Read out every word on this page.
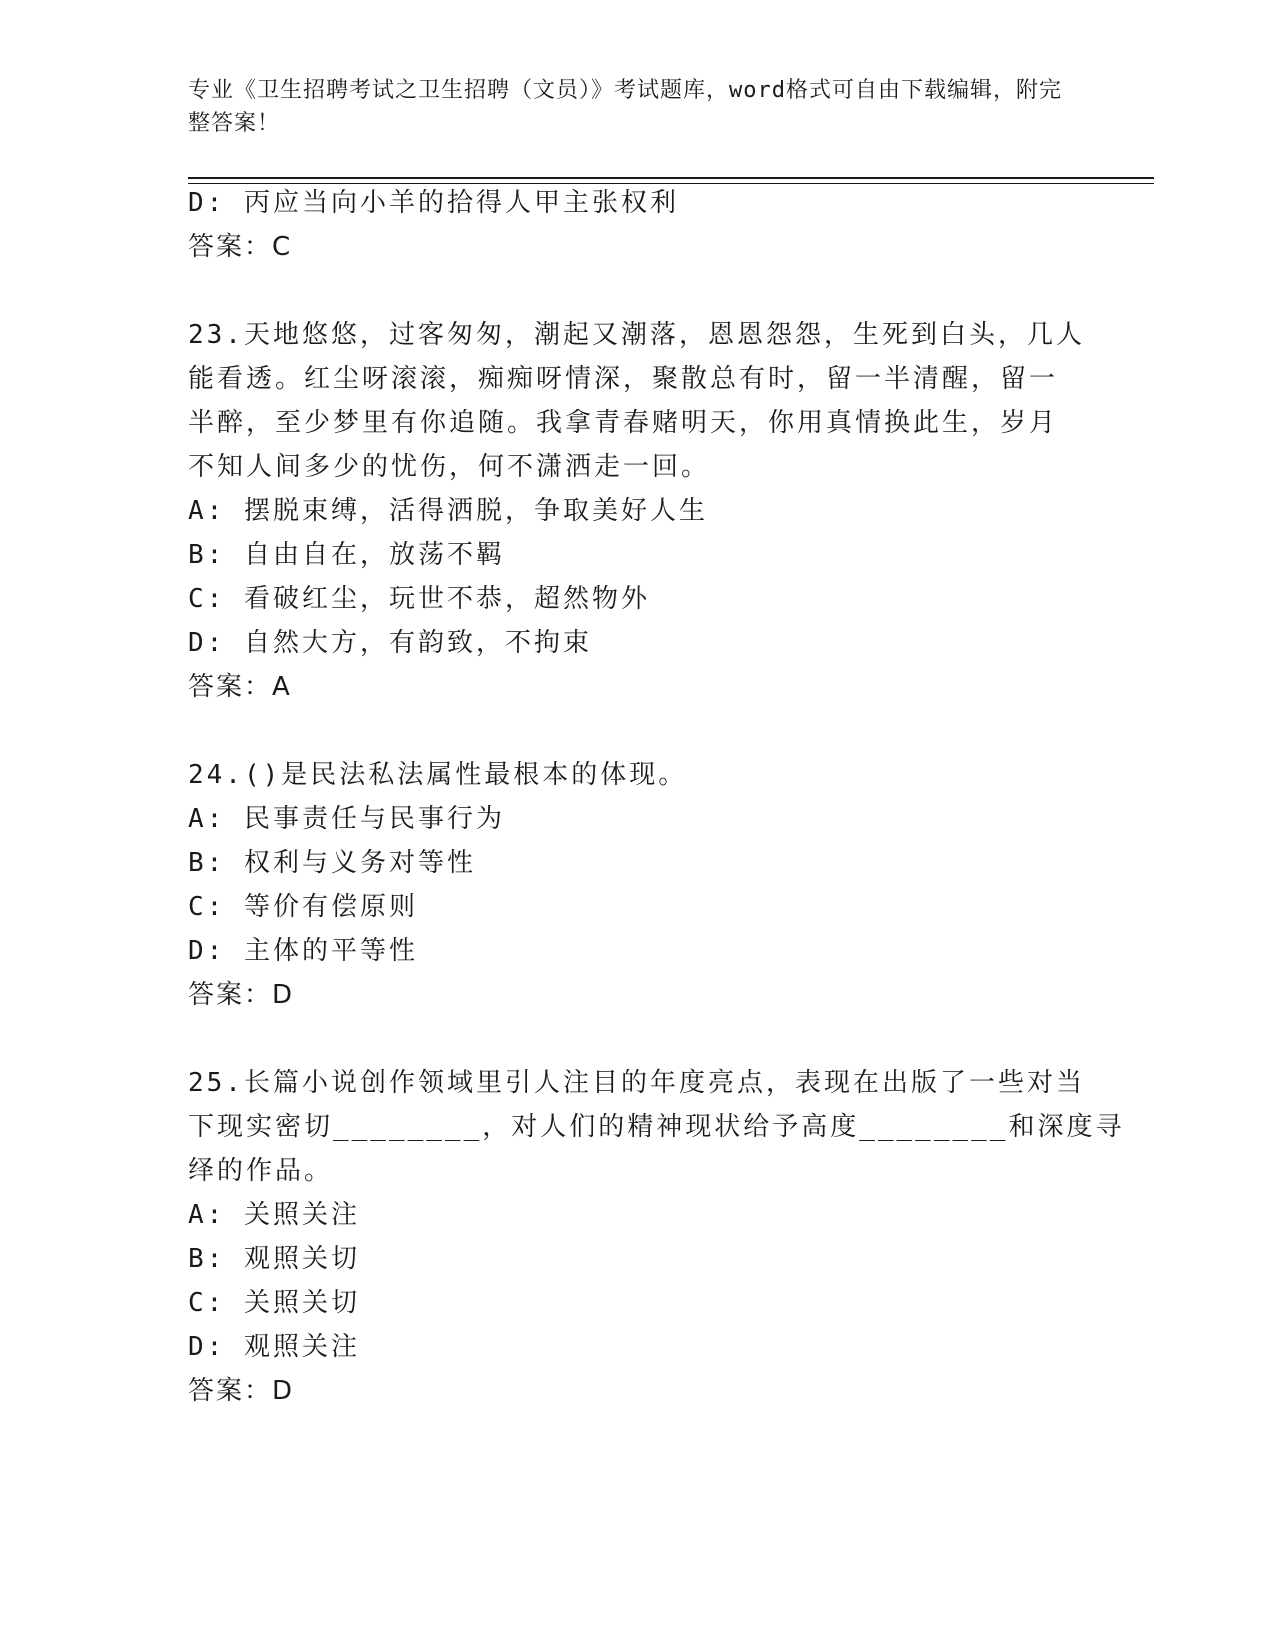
专业《卫生招聘考试之卫生招聘（文员）》考试题库，word格式可自由下载编辑，附完整答案！
D: 丙应当向小羊的拾得人甲主张权利
答案：C
23.天地悠悠，过客匆匆，潮起又潮落，恩恩怨怨，生死到白头，几人
能看透。红尘呀滚滚，痴痴呀情深，聚散总有时，留一半清醒，留一
半醉，至少梦里有你追随。我拿青春赌明天，你用真情换此生，岁月
不知人间多少的忧伤，何不潇洒走一回。
A: 摆脱束缚，活得洒脱，争取美好人生
B: 自由自在，放荡不羁
C: 看破红尘，玩世不恭，超然物外
D: 自然大方，有韵致，不拘束
答案：A
24.()是民法私法属性最根本的体现。
A: 民事责任与民事行为
B: 权利与义务对等性
C: 等价有偿原则
D: 主体的平等性
答案：D
25.长篇小说创作领域里引人注目的年度亮点，表现在出版了一些对当
下现实密切________，对人们的精神现状给予高度________和深度寻
绎的作品。
A: 关照关注
B: 观照关切
C: 关照关切
D: 观照关注
答案：D
